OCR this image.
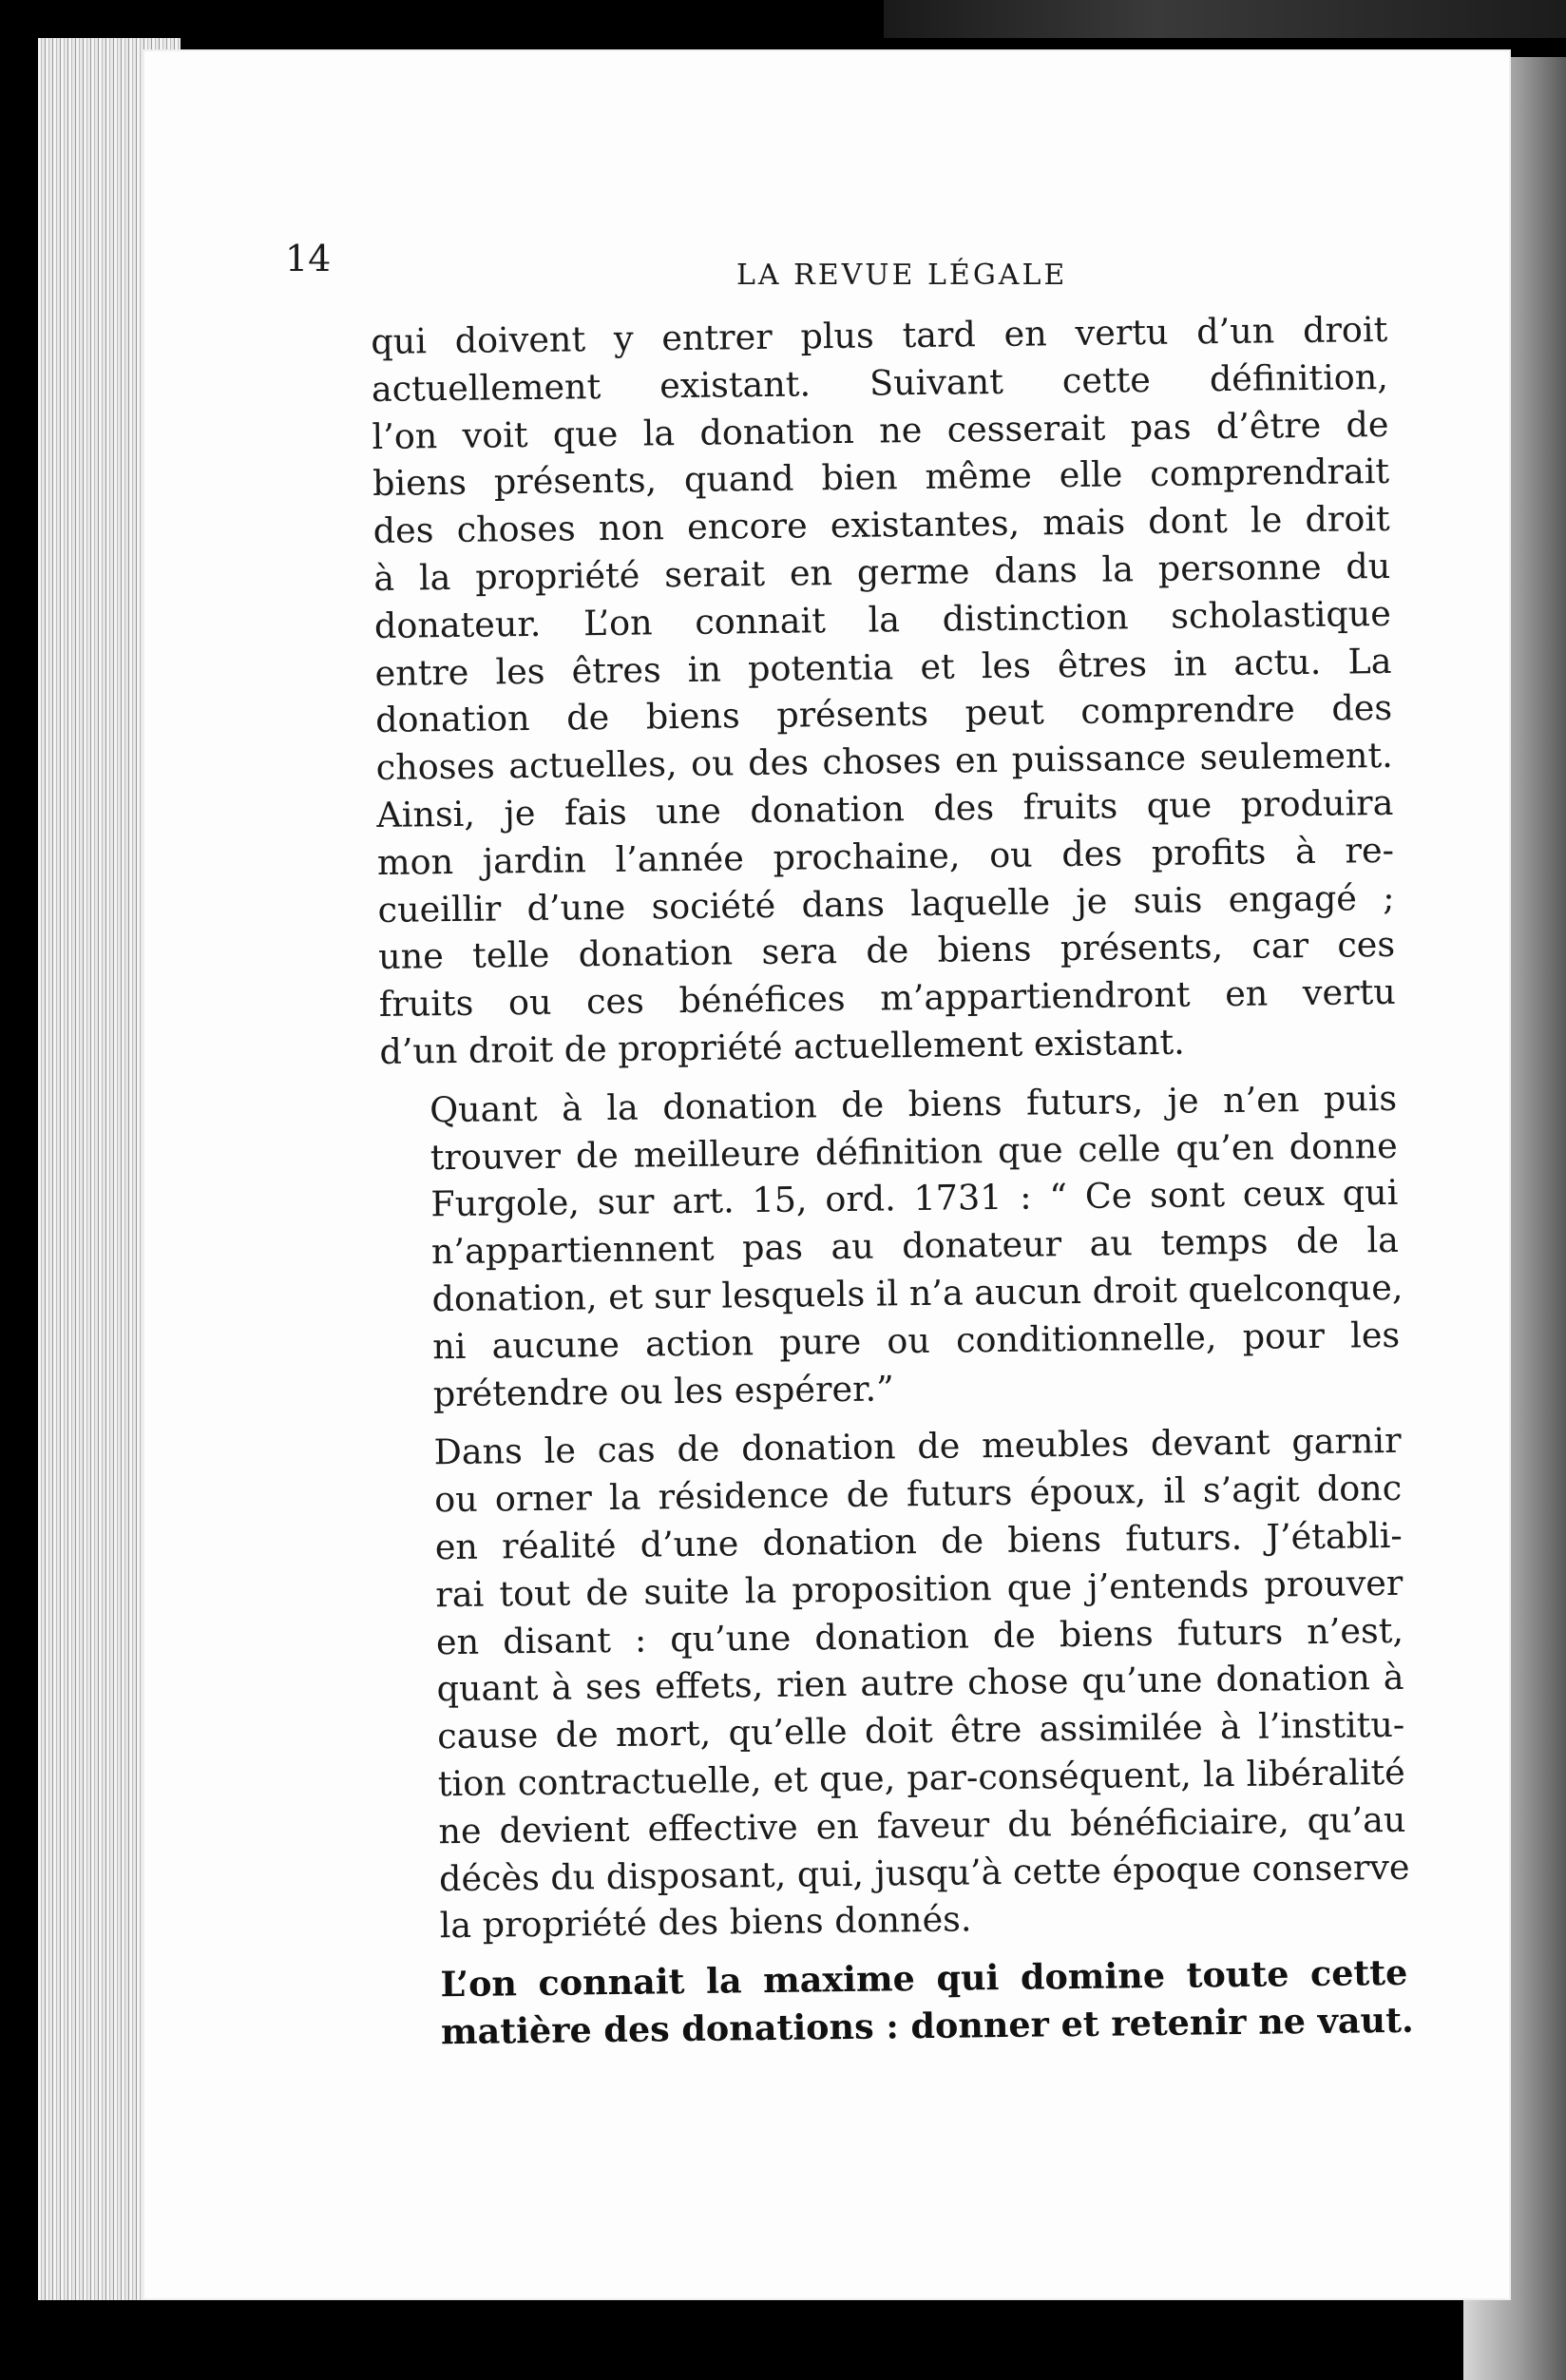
14	LA REVUE LÉGALE

qui doivent y entrer plus tard en vertu d’un droit
actuellement existant. Suivant cette définition,
l’on voit que la donation ne cesserait pas d’être de
biens présents, quand bien même elle comprendrait
des choses non encore existantes, mais dont le droit
à la propriété serait en germe dans la personne du
donateur. L’on connait la distinction scholastique
entre les êtres in potentia et les êtres in actu. La
donation de biens présents peut comprendre des
choses actuelles, ou des choses en puissance seulement.
Ainsi, je fais une donation des fruits que produira
mon jardin l’année prochaine, ou des profits à re-
cueillir d’une société dans laquelle je suis engagé ;
une telle donation sera de biens présents, car ces
fruits ou ces bénéfices m’appartiendront en vertu
d’un droit de propriété actuellement existant.

Quant à la donation de biens futurs, je n’en puis
trouver de meilleure définition que celle qu’en donne
Furgole, sur art. 15, ord. 1731 : “ Ce sont ceux qui
n’appartiennent pas au donateur au temps de la
donation, et sur lesquels il n’a aucun droit quelconque,
ni aucune action pure ou conditionnelle, pour les
prétendre ou les espérer.”

Dans le cas de donation de meubles devant garnir
ou orner la résidence de futurs époux, il s’agit donc
en réalité d’une donation de biens futurs. J’établi-
rai tout de suite la proposition que j’entends prouver
en disant : qu’une donation de biens futurs n’est,
quant à ses effets, rien autre chose qu’une donation à
cause de mort, qu’elle doit être assimilée à l’institu-
tion contractuelle, et que, par-conséquent, la libéralité
ne devient effective en faveur du bénéficiaire, qu’au
décès du disposant, qui, jusqu’à cette époque conserve
la propriété des biens donnés.

L’on connait la maxime qui domine toute cette
matière des donations : donner et retenir ne vaut.
